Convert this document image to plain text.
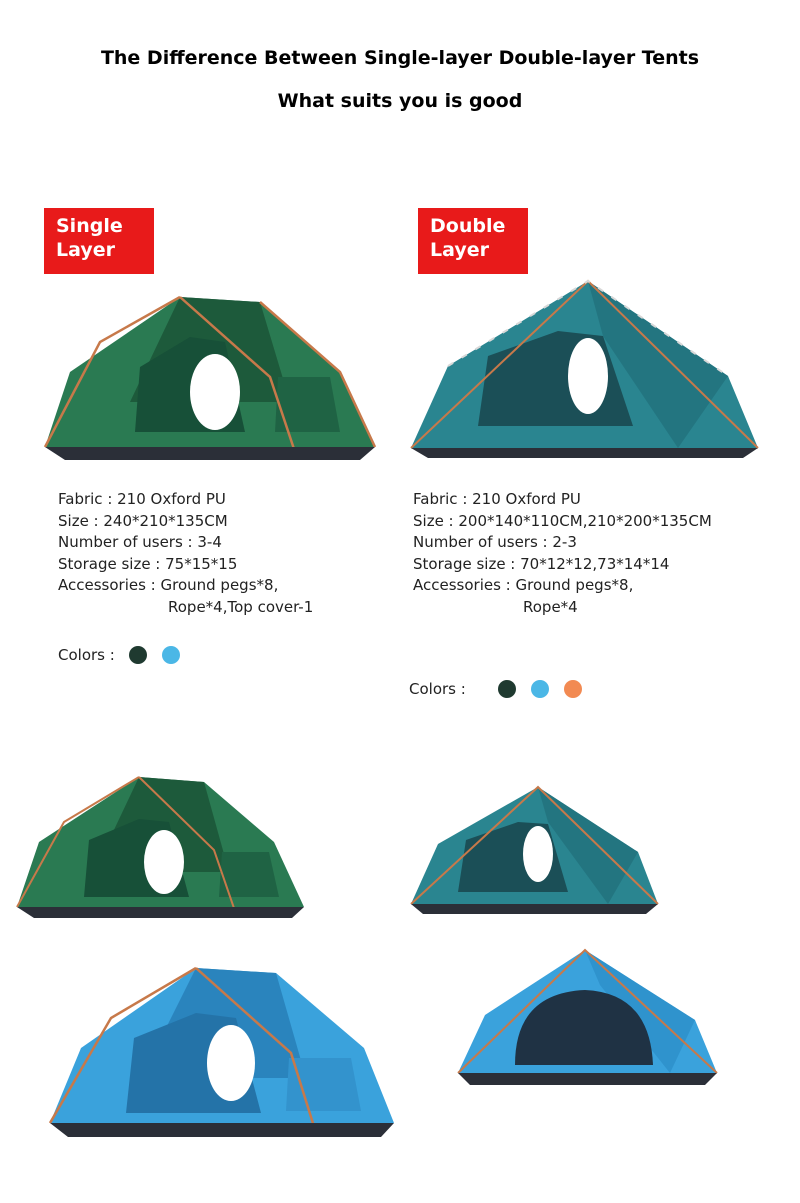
The Difference Between Single-layer Double-layer Tents
What suits you is good
Single
Layer
Double
Layer
Fabric : 210 Oxford PU
Size : 240*210*135CM
Number of users : 3-4
Storage size : 75*15*15
Accessories : Ground pegs*8,
Rope*4,Top cover-1
Fabric : 210 Oxford PU
Size : 200*140*110CM,210*200*135CM
Number of users : 2-3
Storage size : 70*12*12,73*14*14
Accessories : Ground pegs*8,
Rope*4
Colors :
Colors :
